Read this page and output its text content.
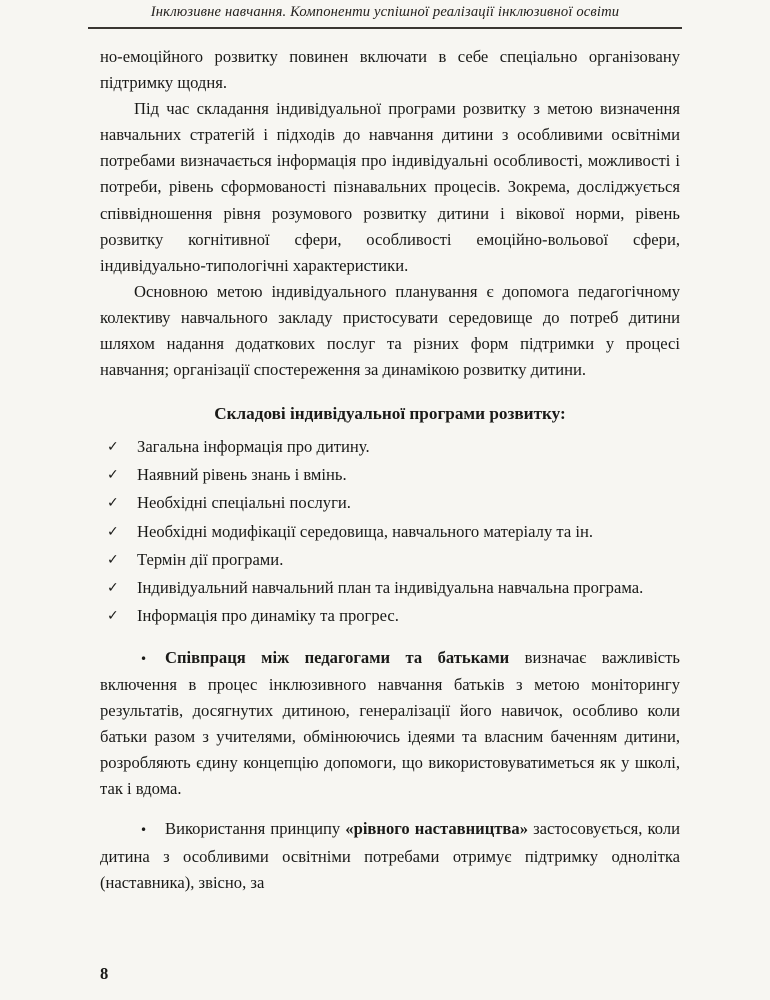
Інклюзивне навчання. Компоненти успішної реалізації інклюзивної освіти

но-емоційного розвитку повинен включати в себе спеціально організовану підтримку щодня.

Під час складання індивідуальної програми розвитку з метою визначення навчальних стратегій і підходів до навчання дитини з особливими освітніми потребами визначається інформація про індивідуальні особливості, можливості і потреби, рівень сформованості пізнавальних процесів. Зокрема, досліджується співвідношення рівня розумового розвитку дитини і вікової норми, рівень розвитку когнітивної сфери, особливості емоційно-вольової сфери, індивідуально-типологічні характеристики.

Основною метою індивідуального планування є допомога педагогічному колективу навчального закладу пристосувати середовище до потреб дитини шляхом надання додаткових послуг та різних форм підтримки у процесі навчання; організації спостереження за динамікою розвитку дитини.

Складові індивідуальної програми розвитку:
✓ Загальна інформація про дитину.
✓ Наявний рівень знань і вмінь.
✓ Необхідні спеціальні послуги.
✓ Необхідні модифікації середовища, навчального матеріалу та ін.
✓ Термін дії програми.
✓ Індивідуальний навчальний план та індивідуальна навчальна програма.
✓ Інформація про динаміку та прогрес.

• Співпраця між педагогами та батьками визначає важливість включення в процес інклюзивного навчання батьків з метою моніторингу результатів, досягнутих дитиною, генералізації його навичок, особливо коли батьки разом з учителями, обмінюючись ідеями та власним баченням дитини, розробляють єдину концепцію допомоги, що використовуватиметься як у школі, так і вдома.

• Використання принципу «рівного наставництва» застосовується, коли дитина з особливими освітніми потребами отримує підтримку однолітка (наставника), звісно, за

8
